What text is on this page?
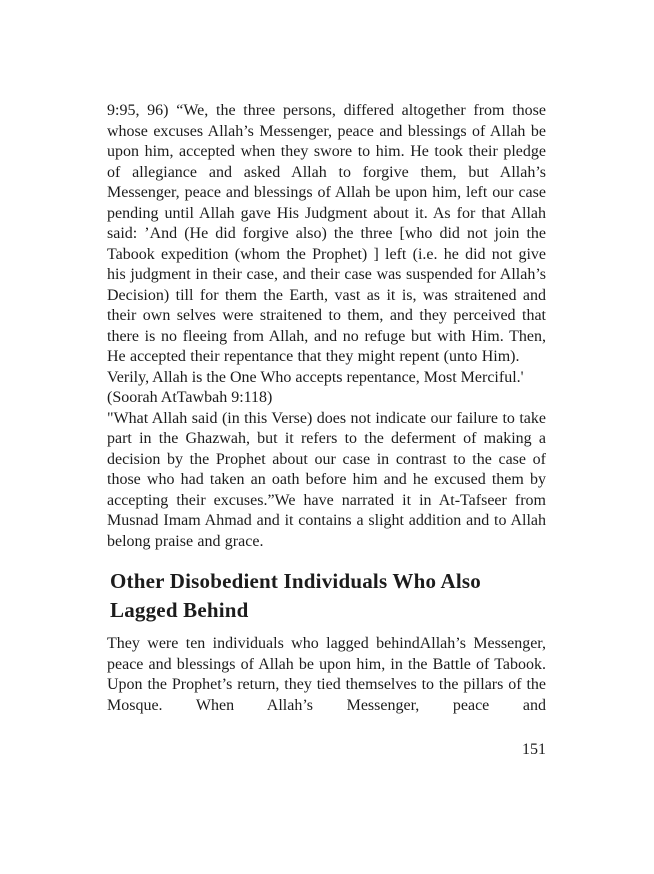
9:95, 96) “We, the three persons, differed altogether from those whose excuses Allah’s Messenger, peace and blessings of Allah be upon him, accepted when they swore to him. He took their pledge of allegiance and asked Allah to forgive them, but Allah’s Messenger, peace and blessings of Allah be upon him, left our case pending until Allah gave His Judgment about it. As for that Allah said: ’And (He did forgive also) the three [who did not join the Tabook expedition (whom the Prophet) ] left (i.e. he did not give his judgment in their case, and their case was suspended for Allah’s Decision) till for them the Earth, vast as it is, was straitened and their own selves were straitened to them, and they perceived that there is no fleeing from Allah, and no refuge but with Him. Then, He accepted their repentance that they might repent (unto Him).

Verily, Allah is the One Who accepts repentance, Most Merciful.'

(Soorah AtTawbah 9:118)

"What Allah said (in this Verse) does not indicate our failure to take part in the Ghazwah, but it refers to the deferment of making a decision by the Prophet about our case in contrast to the case of those who had taken an oath before him and he excused them by accepting their excuses.”We have narrated it in At-Tafseer from Musnad Imam Ahmad and it contains a slight addition and to Allah belong praise and grace.

Other Disobedient Individuals Who Also Lagged Behind

They were ten individuals who lagged behindAllah’s Messenger, peace and blessings of Allah be upon him, in the Battle of Tabook. Upon the Prophet’s return, they tied themselves to the pillars of the Mosque. When Allah’s Messenger, peace and

151
